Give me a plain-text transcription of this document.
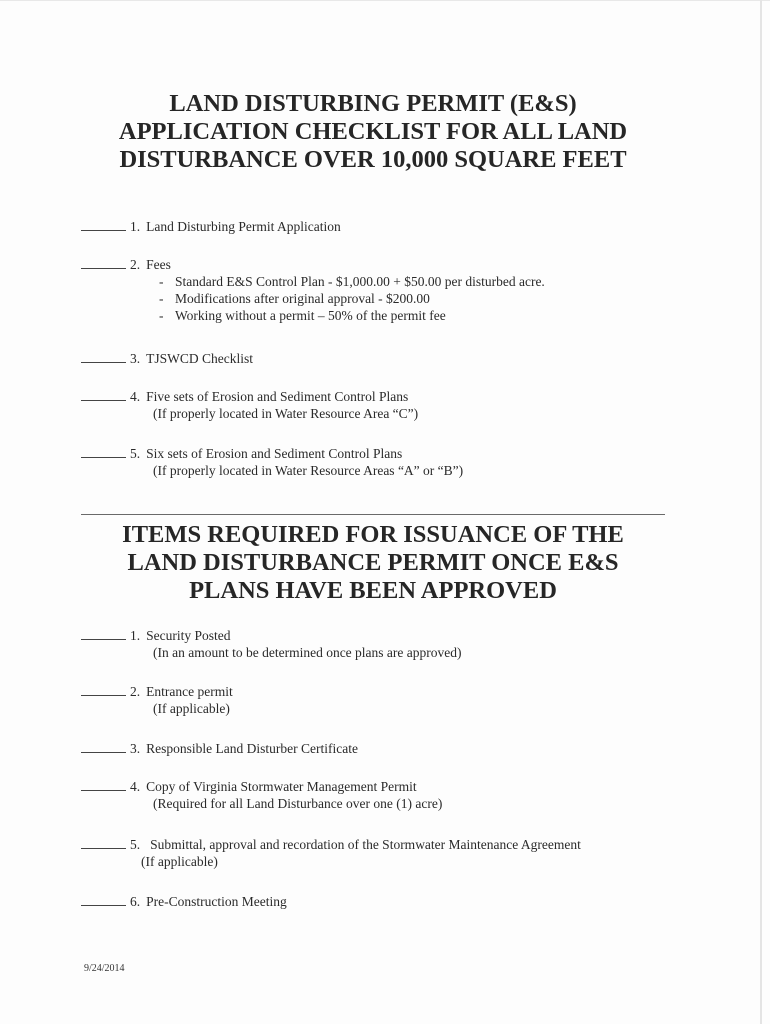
LAND DISTURBING PERMIT (E&S)
APPLICATION CHECKLIST FOR ALL LAND
DISTURBANCE OVER 10,000 SQUARE FEET
1. Land Disturbing Permit Application
2. Fees
- Standard E&S Control Plan - $1,000.00 + $50.00 per disturbed acre.
- Modifications after original approval - $200.00
- Working without a permit – 50% of the permit fee
3. TJSWCD Checklist
4. Five sets of Erosion and Sediment Control Plans
(If properly located in Water Resource Area “C”)
5. Six sets of Erosion and Sediment Control Plans
(If properly located in Water Resource Areas “A” or “B”)
ITEMS REQUIRED FOR ISSUANCE OF THE
LAND DISTURBANCE PERMIT ONCE E&S
PLANS HAVE BEEN APPROVED
1. Security Posted
(In an amount to be determined once plans are approved)
2. Entrance permit
(If applicable)
3. Responsible Land Disturber Certificate
4. Copy of Virginia Stormwater Management Permit
(Required for all Land Disturbance over one (1) acre)
5. Submittal, approval and recordation of the Stormwater Maintenance Agreement
(If applicable)
6. Pre-Construction Meeting
9/24/2014
